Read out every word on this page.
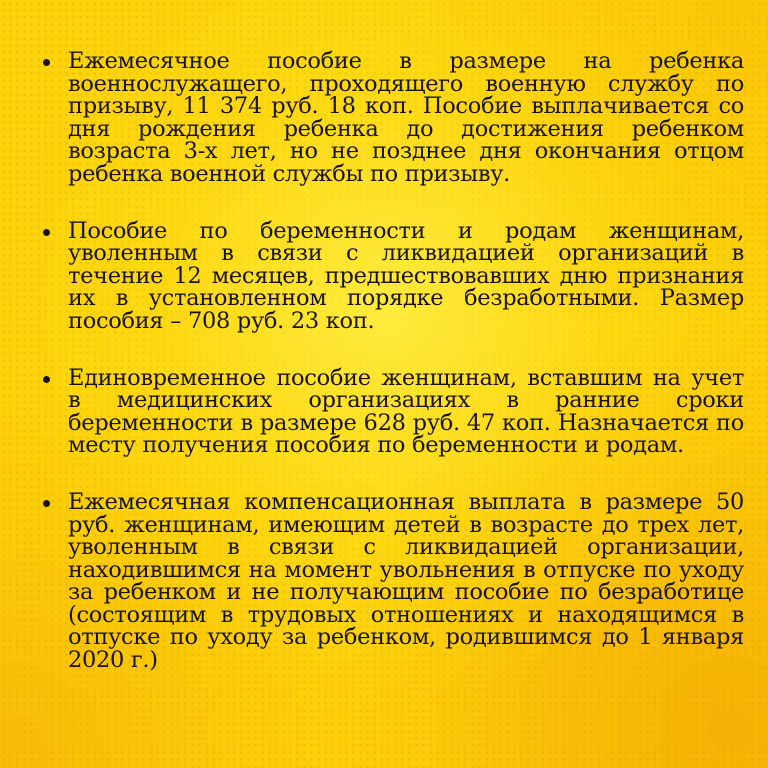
Ежемесячное пособие в размере на ребенка военнослужащего, проходящего военную службу по призыву, 11 374 руб. 18 коп. Пособие выплачивается со дня рождения ребенка до достижения ребенком возраста 3-х лет, но не позднее дня окончания отцом ребенка военной службы по призыву.
Пособие по беременности и родам женщинам, уволенным в связи с ликвидацией организаций в течение 12 месяцев, предшествовавших дню признания их в установленном порядке безработными. Размер пособия – 708 руб. 23 коп.
Единовременное пособие женщинам, вставшим на учет в медицинских организациях в ранние сроки беременности в размере 628 руб. 47 коп. Назначается по месту получения пособия по беременности и родам.
Ежемесячная компенсационная выплата в размере 50 руб. женщинам, имеющим детей в возрасте до трех лет, уволенным в связи с ликвидацией организации, находившимся на момент увольнения в отпуске по уходу за ребенком и не получающим пособие по безработице (состоящим в трудовых отношениях и находящимся в отпуске по уходу за ребенком, родившимся до 1 января 2020 г.)
